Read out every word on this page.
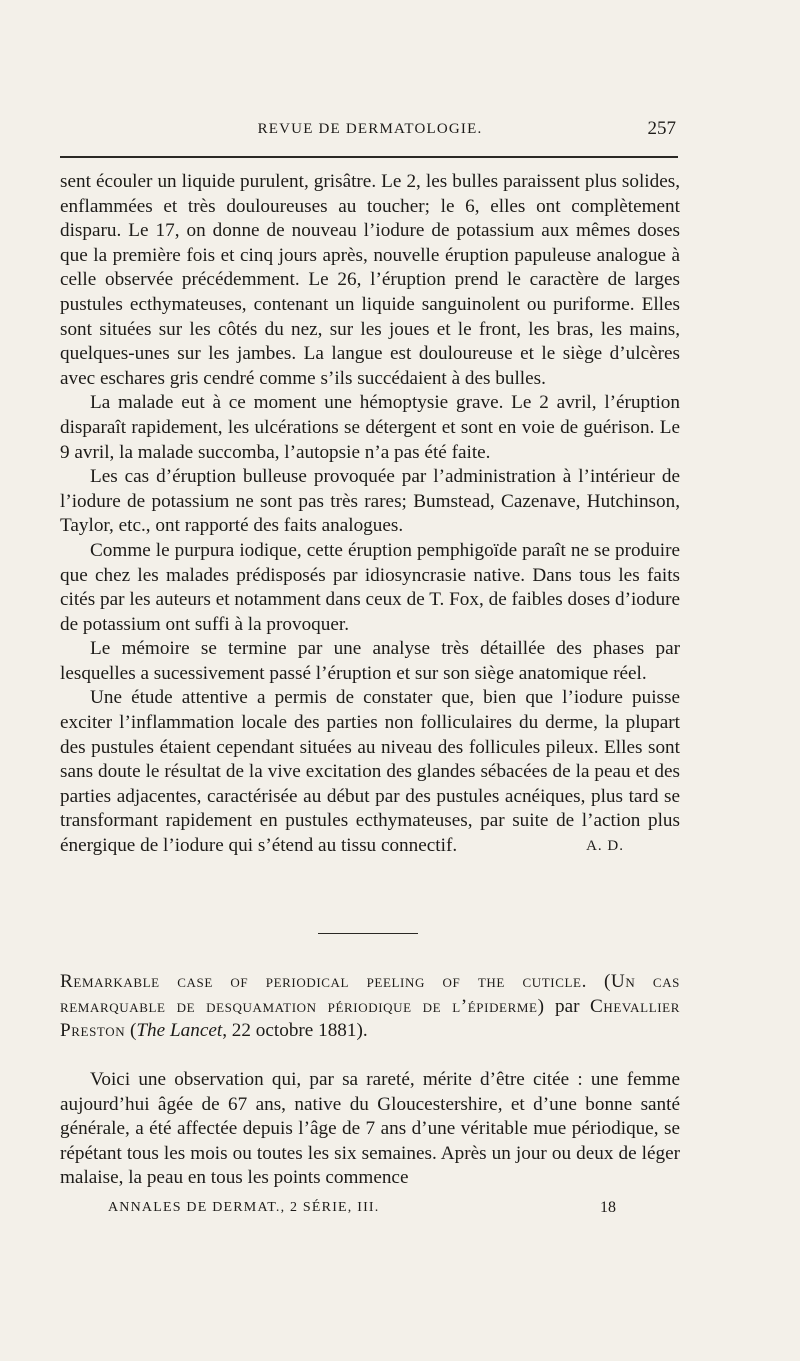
REVUE DE DERMATOLOGIE.	257

sent écouler un liquide purulent, grisâtre. Le 2, les bulles paraissent plus solides, enflammées et très douloureuses au toucher; le 6, elles ont complètement disparu. Le 17, on donne de nouveau l’iodure de potassium aux mêmes doses que la première fois et cinq jours après, nouvelle éruption papuleuse analogue à celle observée précédemment. Le 26, l’éruption prend le caractère de larges pustules ecthymateuses, contenant un liquide sanguinolent ou puriforme. Elles sont situées sur les côtés du nez, sur les joues et le front, les bras, les mains, quelques-unes sur les jambes. La langue est douloureuse et le siège d’ulcères avec eschares gris cendré comme s’ils succédaient à des bulles.

La malade eut à ce moment une hémoptysie grave. Le 2 avril, l’éruption disparaît rapidement, les ulcérations se détergent et sont en voie de guérison. Le 9 avril, la malade succomba, l’autopsie n’a pas été faite.

Les cas d’éruption bulleuse provoquée par l’administration à l’intérieur de l’iodure de potassium ne sont pas très rares; Bumstead, Cazenave, Hutchinson, Taylor, etc., ont rapporté des faits analogues.

Comme le purpura iodique, cette éruption pemphigoïde paraît ne se produire que chez les malades prédisposés par idiosyncrasie native. Dans tous les faits cités par les auteurs et notamment dans ceux de T. Fox, de faibles doses d’iodure de potassium ont suffi à la provoquer.

Le mémoire se termine par une analyse très détaillée des phases par lesquelles a sucessivement passé l’éruption et sur son siège anatomique réel.

Une étude attentive a permis de constater que, bien que l’iodure puisse exciter l’inflammation locale des parties non folliculaires du derme, la plupart des pustules étaient cependant situées au niveau des follicules pileux. Elles sont sans doute le résultat de la vive excitation des glandes sébacées de la peau et des parties adjacentes, caractérisée au début par des pustules acnéiques, plus tard se transformant rapidement en pustules ecthymateuses, par suite de l’action plus énergique de l’iodure qui s’étend au tissu connectif.	A. D.

Remarkable case of periodical peeling of the cuticle. (Un cas remarquable de desquamation périodique de l’épiderme) par Chevallier Preston (The Lancet, 22 octobre 1881).

Voici une observation qui, par sa rareté, mérite d’être citée : une femme aujourd’hui âgée de 67 ans, native du Gloucestershire, et d’une bonne santé générale, a été affectée depuis l’âge de 7 ans d’une véritable mue périodique, se répétant tous les mois ou toutes les six semaines. Après un jour ou deux de léger malaise, la peau en tous les points commence

ANNALES DE DERMAT., 2 SÉRIE, III.	18
